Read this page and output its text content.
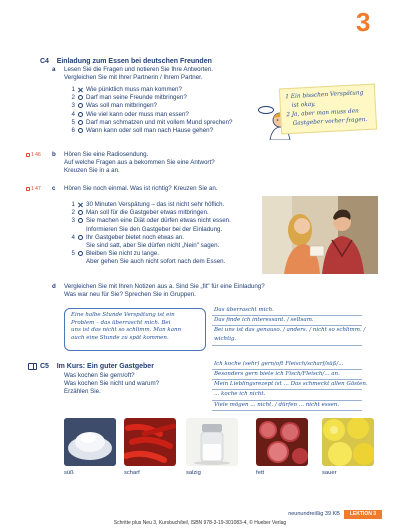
3
C4 Einladung zum Essen bei deutschen Freunden
a Lesen Sie die Fragen und notieren Sie Ihre Antworten.
Vergleichen Sie mit Ihrer Partnerin / Ihrem Partner.
1 Wie pünktlich muss man kommen?
2 Darf man seine Freunde mitbringen?
3 Was soll man mitbringen?
4 Wie viel kann oder muss man essen?
5 Darf man schmatzen und mit vollem Mund sprechen?
6 Wann kann oder soll man nach Hause gehen?
1 Ein bisschen Verspätung
ist okay.
2 Ja, aber man muss den
Gastgeber vorher fragen.
1 46 b Hören Sie eine Radiosendung.
Auf welche Fragen aus a bekommen Sie eine Antwort?
Kreuzen Sie in a an.
1 47 c Hören Sie noch einmal. Was ist richtig? Kreuzen Sie an.
1 30 Minuten Verspätung – das ist nicht sehr höflich.
2 Man soll für die Gastgeber etwas mitbringen.
3 Sie machen eine Diät oder dürfen etwas nicht essen.
Informieren Sie den Gastgeber bei der Einladung.
4 Ihr Gastgeber bietet noch etwas an.
Sie sind satt, aber Sie dürfen nicht „Nein" sagen.
5 Bleiben Sie nicht zu lange.
Aber gehen Sie auch nicht sofort nach dem Essen.
d Vergleichen Sie mit Ihren Notizen aus a. Sind Sie „fit" für eine Einladung?
Was war neu für Sie? Sprechen Sie in Gruppen.
Eine halbe Stunde Verspätung ist ein
Problem – das überrascht mich. Bei
uns ist das nicht so schlimm. Man kann
auch eine Stunde zu spät kommen.
Das überrascht mich.
Das finde ich interessant. / seltsam.
Bei uns ist das genauso. / anders. / nicht so schlimm. /
wichtig.
C5 Im Kurs: Ein guter Gastgeber
Was kochen Sie gern/oft?
Was kochen Sie nicht und warum?
Erzählen Sie.
Ich koche (sehr) gern/oft Fleisch/scharf/süß/...
Besonders gern biete ich Fisch/Fleisch/... an.
Mein Lieblingsrezept ist ... Das schmeckt allen Gästen.
... koche ich nicht.
Viele mögen ... nicht. / dürfen ... nicht essen.
süß	scharf	salzig	fett	sauer
neunundreißig 39 KB	LEKTION 3
Schritte plus Neu 3, Kursbuch/teil, ISBN 978-3-19-301083-4, © Hueber Verlag
